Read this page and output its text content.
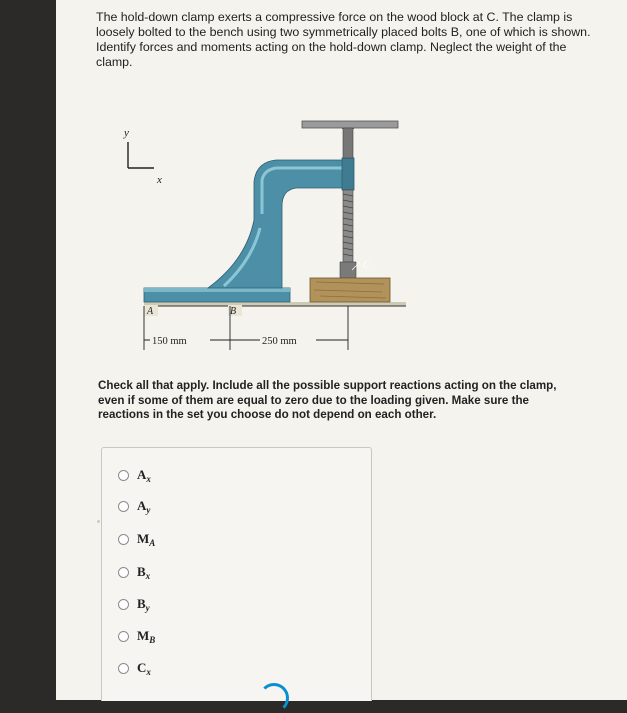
The hold-down clamp exerts a compressive force on the wood block at C. The clamp is loosely bolted to the bench using two symmetrically placed bolts B, one of which is shown. Identify forces and moments acting on the hold-down clamp. Neglect the weight of the clamp.
y
x
A	B
C
150 mm	250 mm
Check all that apply. Include all the possible support reactions acting on the clamp, even if some of them are equal to zero due to the loading given. Make sure the reactions in the set you choose do not depend on each other.
$A_x$
$A_y$
$M_A$
$B_x$
$B_y$
$M_B$
$C_x$
